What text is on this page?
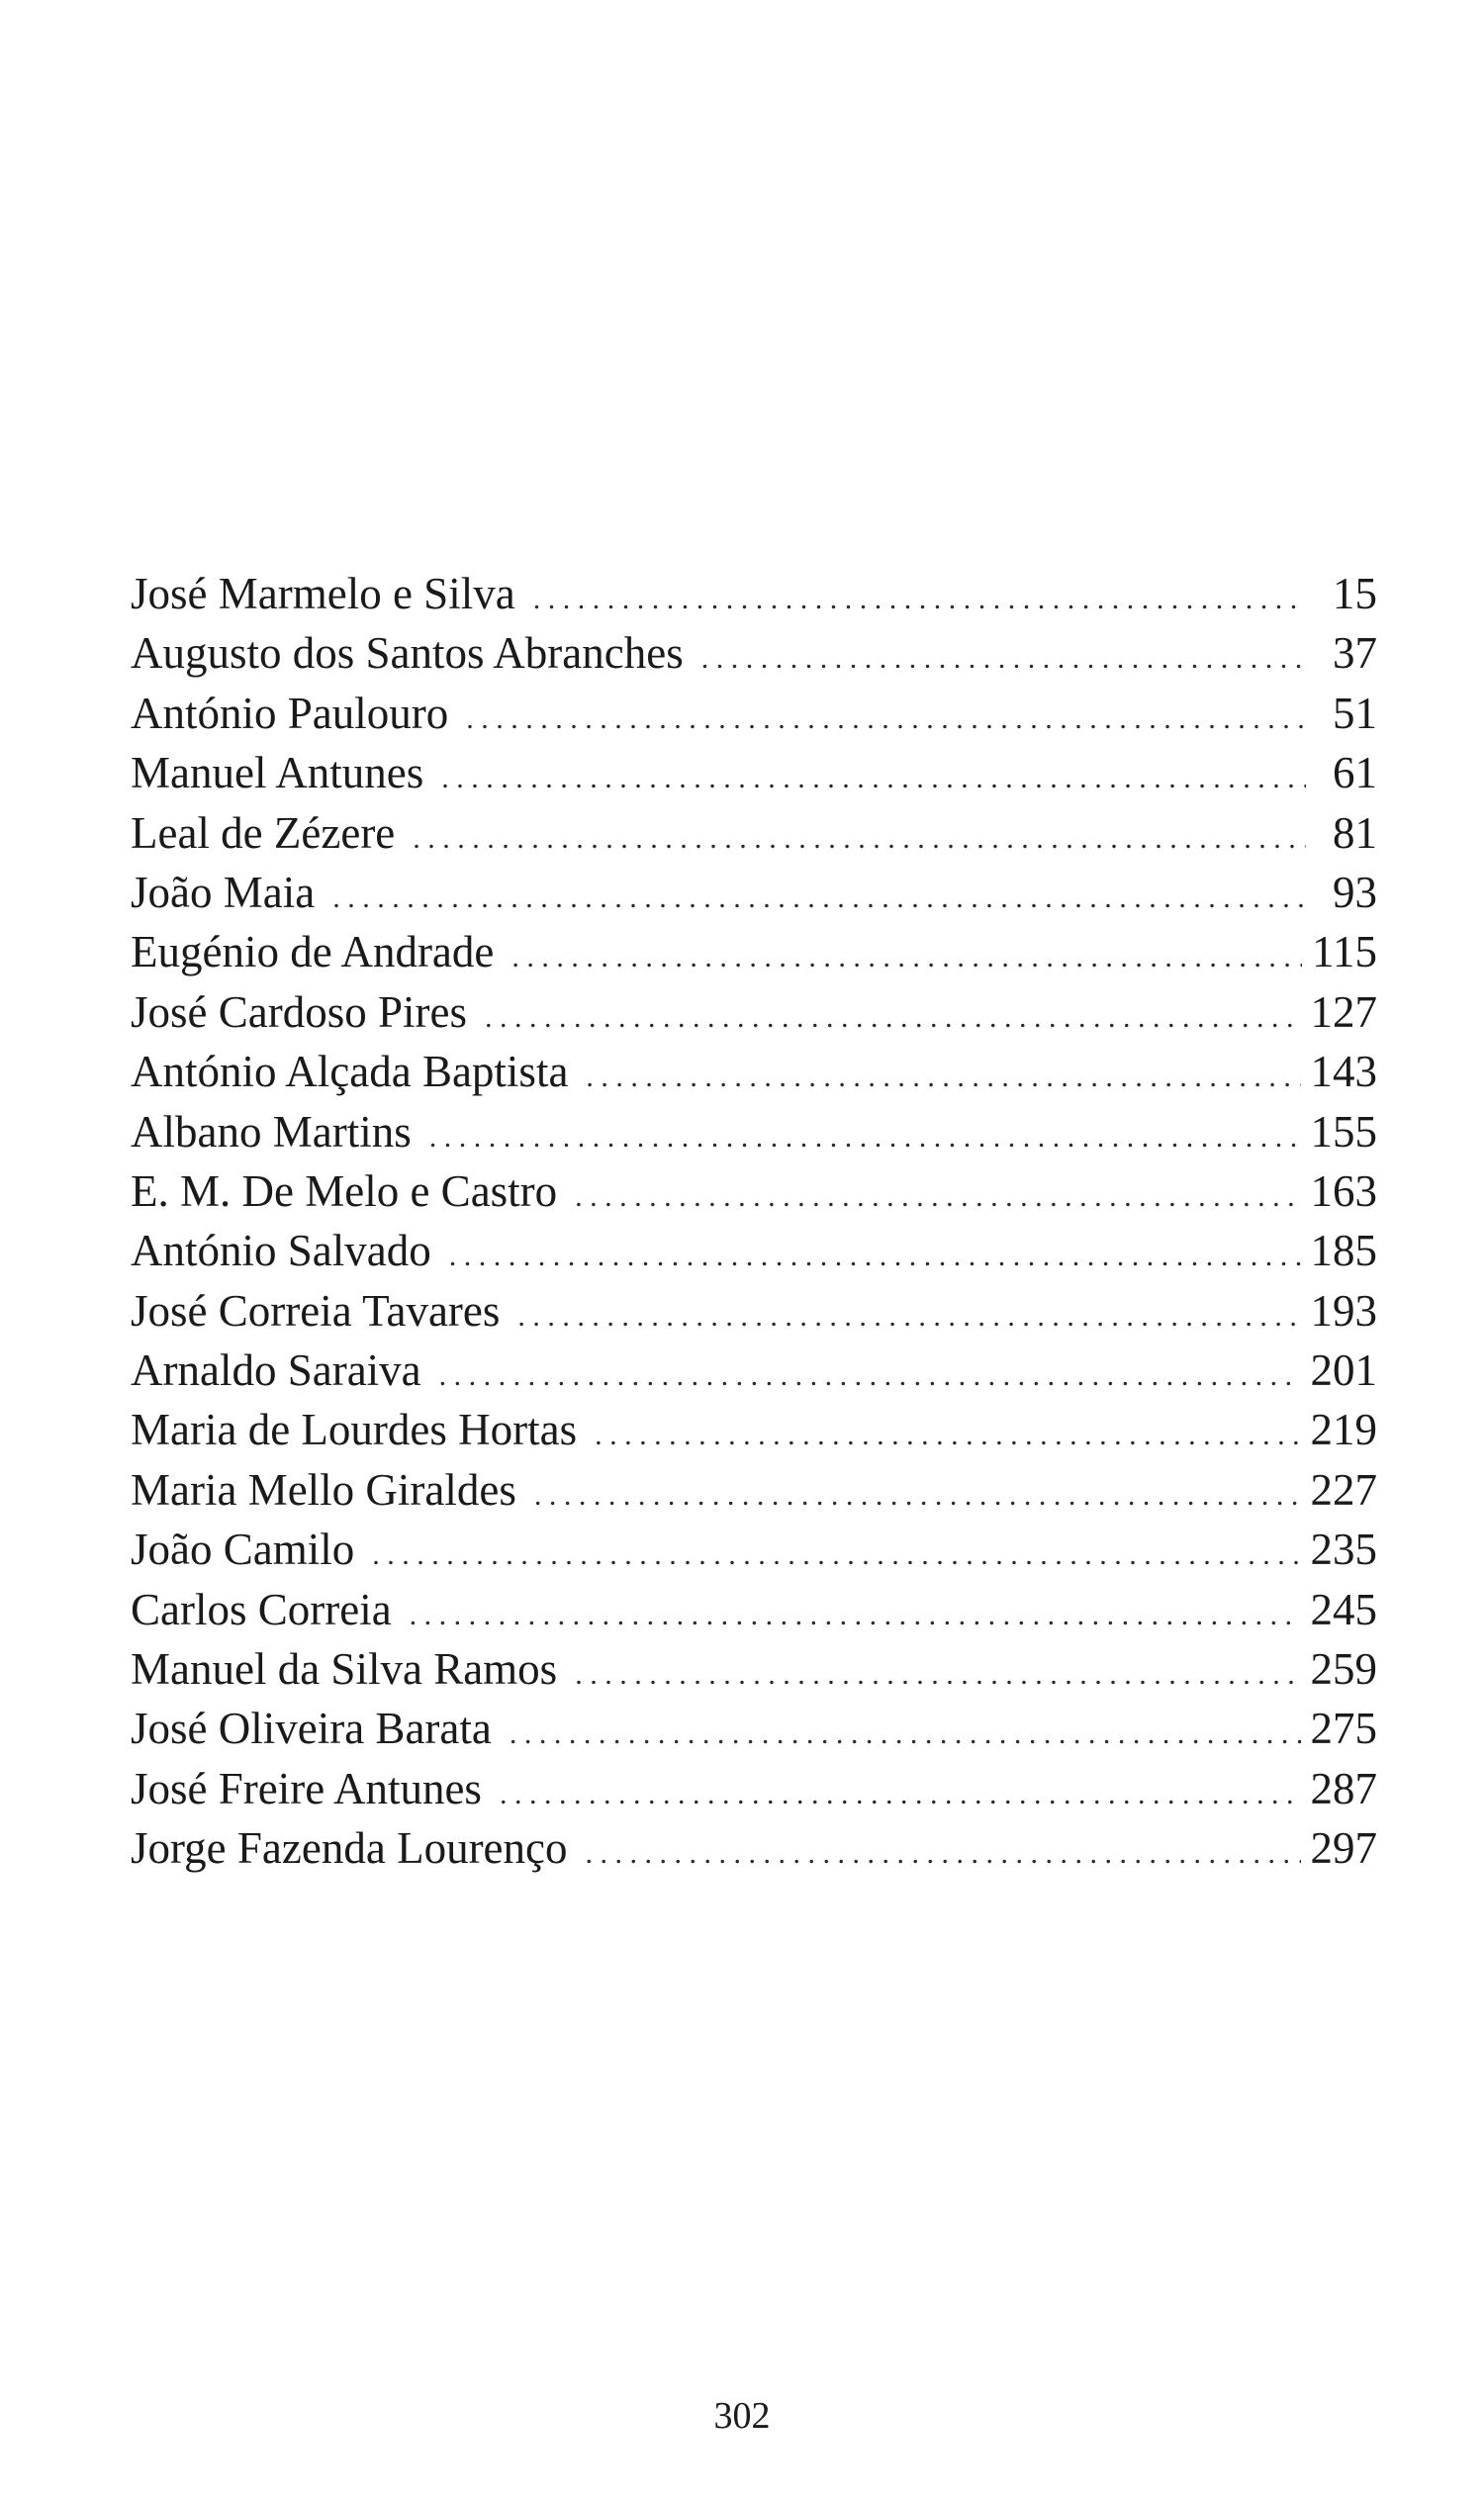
José Marmelo e Silva . . .	15
Augusto dos Santos Abranches . . .	37
António Paulouro . . .	51
Manuel Antunes . . .	61
Leal de Zézere . . .	81
João Maia . . .	93
Eugénio de Andrade . . .	115
José Cardoso Pires . . .	127
António Alçada Baptista . . .	143
Albano Martins . . .	155
E. M. De Melo e Castro . . .	163
António Salvado . . .	185
José Correia Tavares . . .	193
Arnaldo Saraiva . . .	201
Maria de Lourdes Hortas . . .	219
Maria Mello Giraldes . . .	227
João Camilo . . .	235
Carlos Correia . . .	245
Manuel da Silva Ramos . . .	259
José Oliveira Barata . . .	275
José Freire Antunes . . .	287
Jorge Fazenda Lourenço . . .	297
302
